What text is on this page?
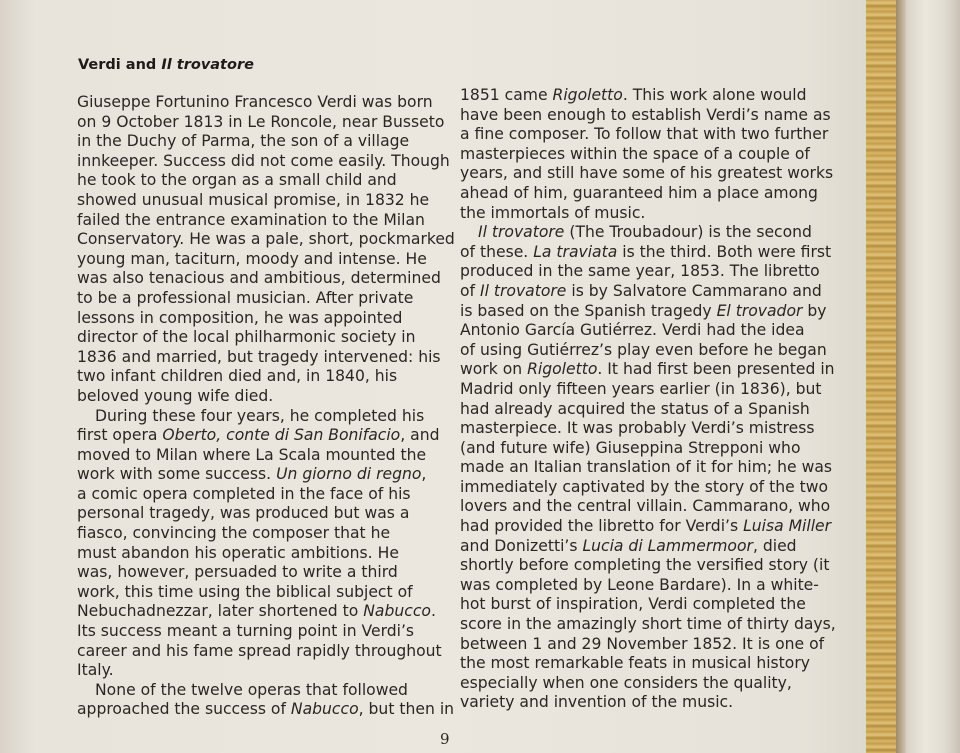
Verdi and Il trovatore
Giuseppe Fortunino Francesco Verdi was born
on 9 October 1813 in Le Roncole, near Busseto
in the Duchy of Parma, the son of a village
innkeeper. Success did not come easily. Though
he took to the organ as a small child and
showed unusual musical promise, in 1832 he
failed the entrance examination to the Milan
Conservatory. He was a pale, short, pockmarked
young man, taciturn, moody and intense. He
was also tenacious and ambitious, determined
to be a professional musician. After private
lessons in composition, he was appointed
director of the local philharmonic society in
1836 and married, but tragedy intervened: his
two infant children died and, in 1840, his
beloved young wife died.
During these four years, he completed his
first opera Oberto, conte di San Bonifacio, and
moved to Milan where La Scala mounted the
work with some success. Un giorno di regno,
a comic opera completed in the face of his
personal tragedy, was produced but was a
fiasco, convincing the composer that he
must abandon his operatic ambitions. He
was, however, persuaded to write a third
work, this time using the biblical subject of
Nebuchadnezzar, later shortened to Nabucco.
Its success meant a turning point in Verdi’s
career and his fame spread rapidly throughout
Italy.
None of the twelve operas that followed
approached the success of Nabucco, but then in
1851 came Rigoletto. This work alone would
have been enough to establish Verdi’s name as
a fine composer. To follow that with two further
masterpieces within the space of a couple of
years, and still have some of his greatest works
ahead of him, guaranteed him a place among
the immortals of music.
Il trovatore (The Troubadour) is the second
of these. La traviata is the third. Both were first
produced in the same year, 1853. The libretto
of Il trovatore is by Salvatore Cammarano and
is based on the Spanish tragedy El trovador by
Antonio García Gutiérrez. Verdi had the idea
of using Gutiérrez’s play even before he began
work on Rigoletto. It had first been presented in
Madrid only fifteen years earlier (in 1836), but
had already acquired the status of a Spanish
masterpiece. It was probably Verdi’s mistress
(and future wife) Giuseppina Strepponi who
made an Italian translation of it for him; he was
immediately captivated by the story of the two
lovers and the central villain. Cammarano, who
had provided the libretto for Verdi’s Luisa Miller
and Donizetti’s Lucia di Lammermoor, died
shortly before completing the versified story (it
was completed by Leone Bardare). In a white-
hot burst of inspiration, Verdi completed the
score in the amazingly short time of thirty days,
between 1 and 29 November 1852. It is one of
the most remarkable feats in musical history
especially when one considers the quality,
variety and invention of the music.
9
